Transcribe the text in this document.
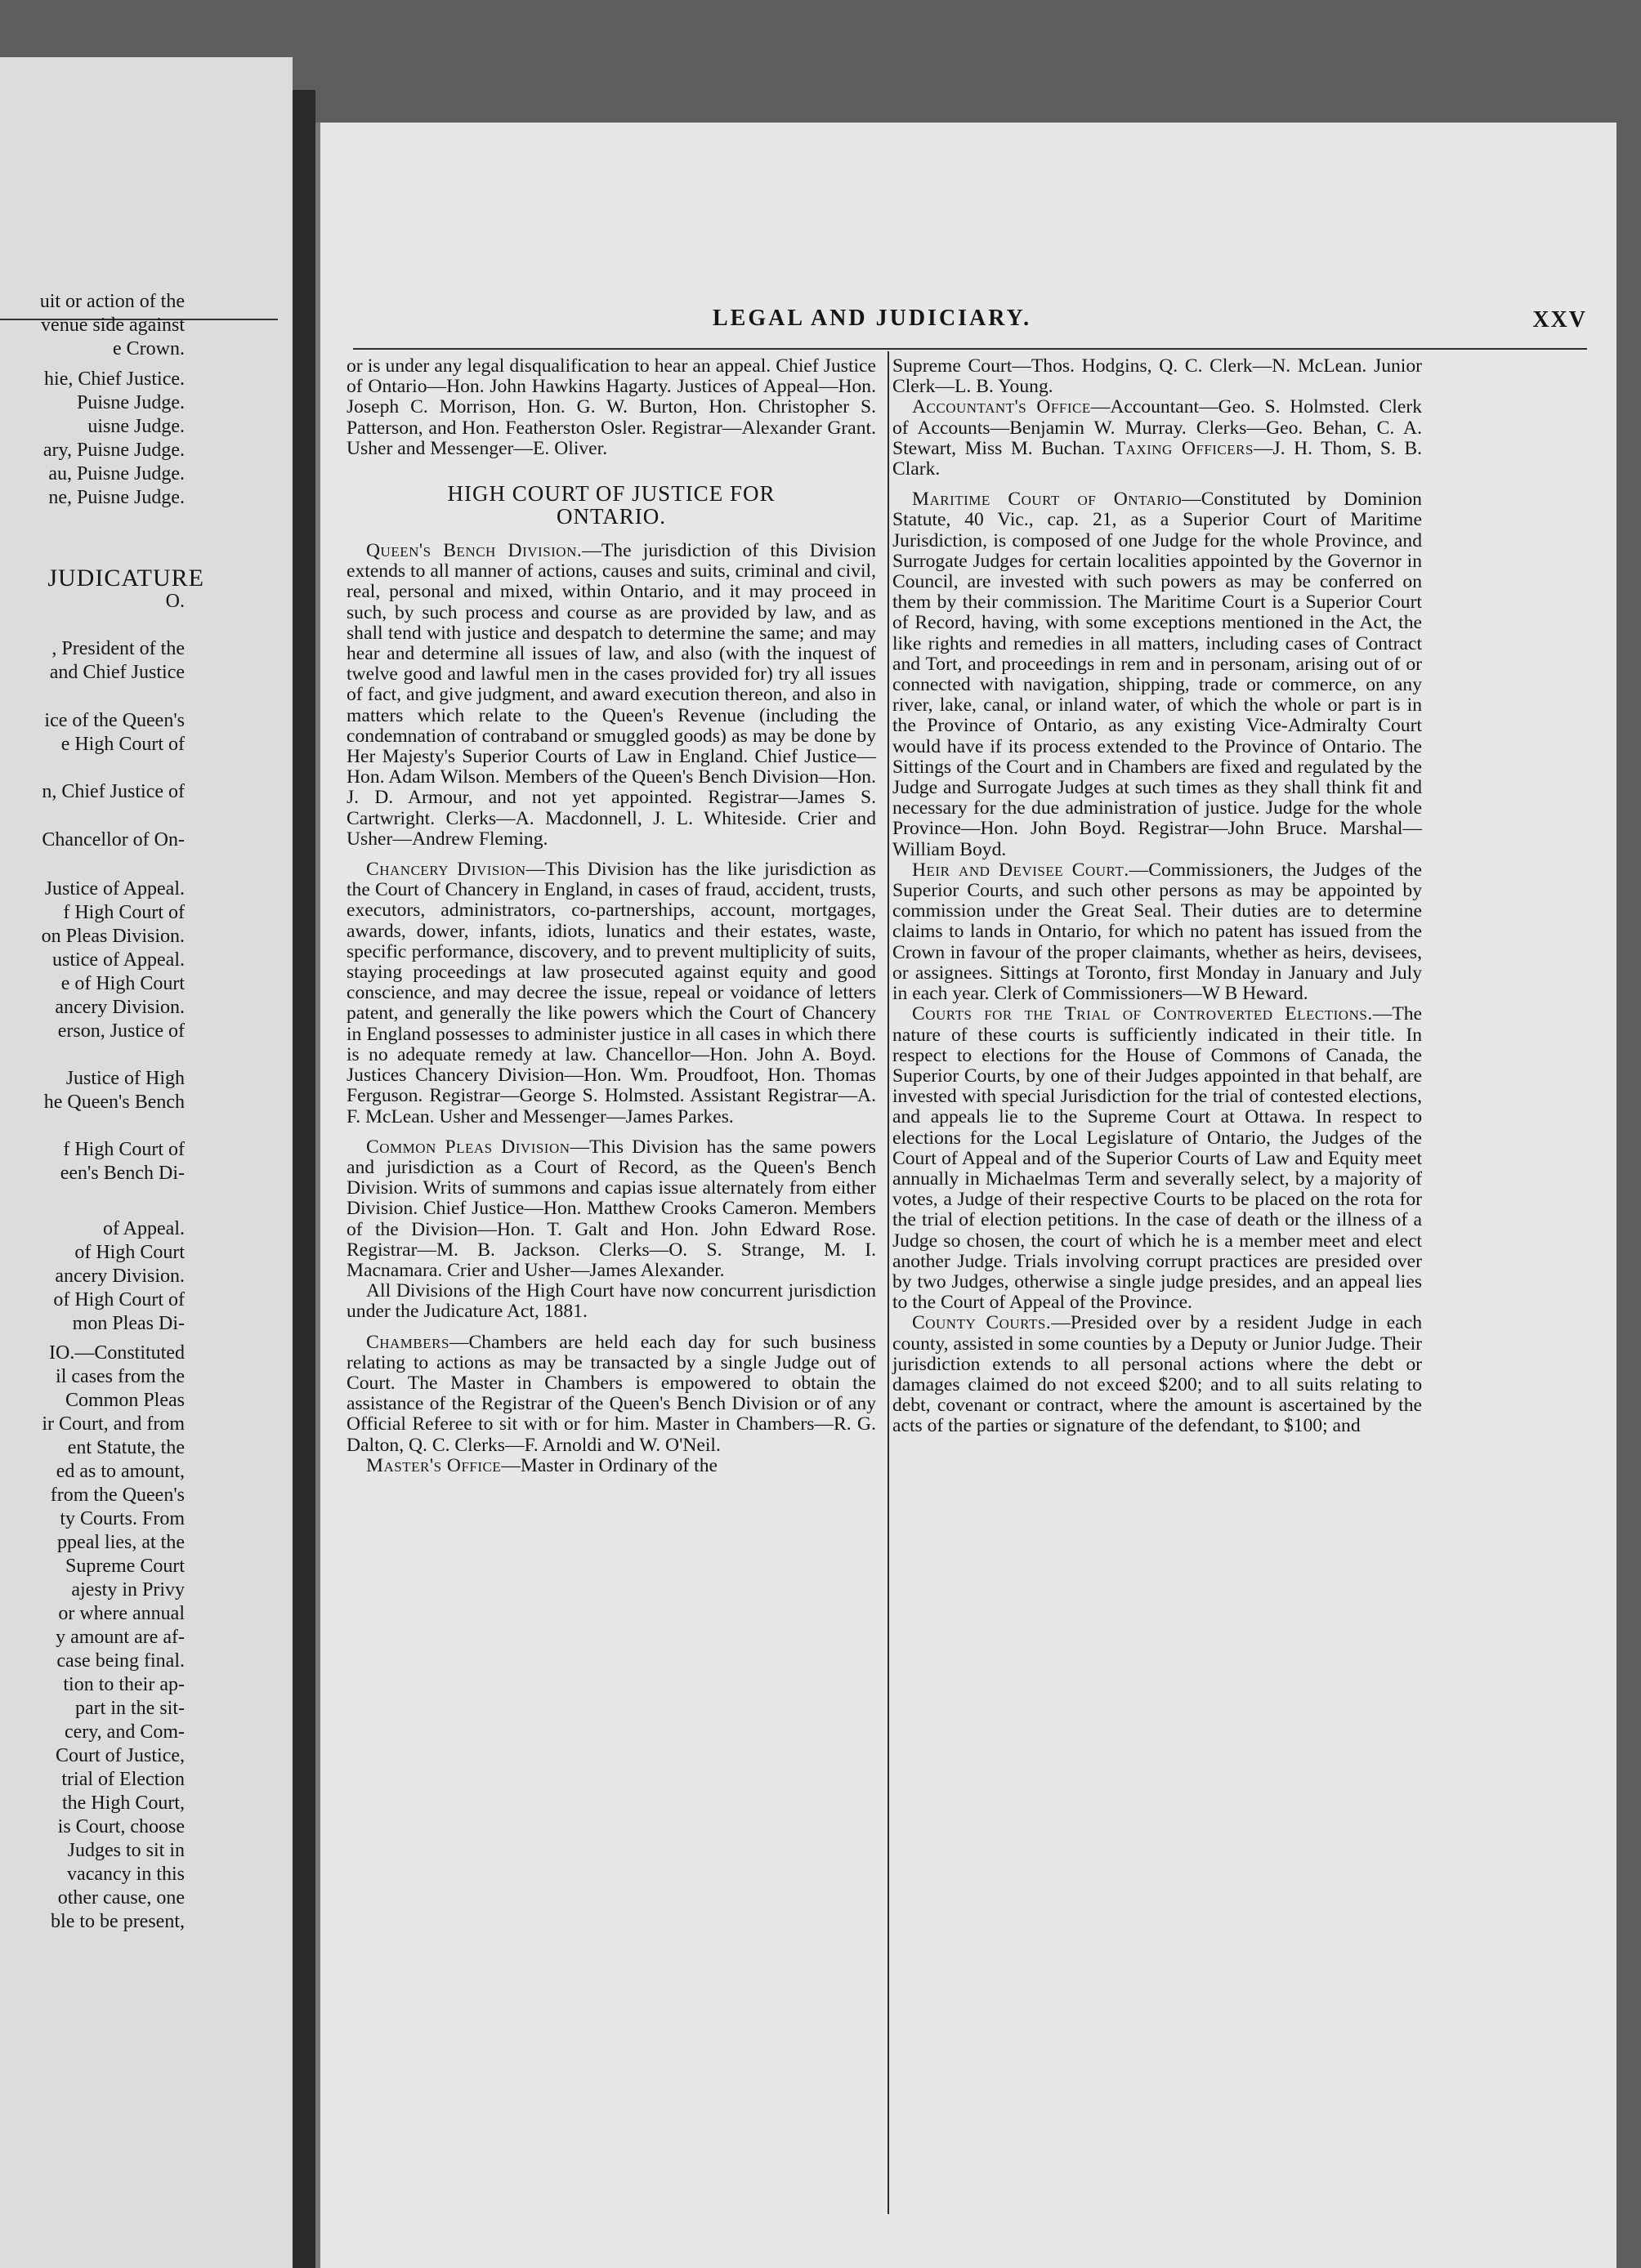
uit or action of the
venue side against
e Crown.
hie, Chief Justice.
Puisne Judge.
uisne Judge.
ary, Puisne Judge.
au, Puisne Judge.
ne, Puisne Judge.
JUDICATURE
O.
, President of the
and Chief Justice
ice of the Queen's
e High Court of
n, Chief Justice of
Chancellor of On-
Justice of Appeal.
f High Court of
on Pleas Division.
ustice of Appeal.
e of High Court
ancery Division.
erson, Justice of
Justice of High
he Queen's Bench
f High Court of
een's Bench Di-
of Appeal.
of High Court
ancery Division.
of High Court of
mon Pleas Di-
IO.—Constituted
il cases from the
Common Pleas
ir Court, and from
ent Statute, the
ed as to amount,
from the Queen's
ty Courts. From
ppeal lies, at the
Supreme Court
ajesty in Privy
or where annual
y amount are af-
case being final.
tion to their ap-
part in the sit-
cery, and Com-
Court of Justice,
trial of Election
the High Court,
is Court, choose
Judges to sit in
vacancy in this
other cause, one
ble to be present,
LEGAL AND JUDICIARY.	XXV

or is under any legal disqualification to hear an appeal. Chief Justice of Ontario—Hon. John Hawkins Hagarty. Justices of Appeal—Hon. Joseph C. Morrison, Hon. G. W. Burton, Hon. Christopher S. Patterson, and Hon. Featherston Osler. Registrar—Alexander Grant. Usher and Messenger—E. Oliver.

HIGH COURT OF JUSTICE FOR
ONTARIO.

Queen's Bench Division.—The jurisdiction of this Division extends to all manner of actions, causes and suits, criminal and civil, real, personal and mixed, within Ontario, and it may proceed in such, by such process and course as are provided by law, and as shall tend with justice and despatch to determine the same; and may hear and determine all issues of law, and also (with the inquest of twelve good and lawful men in the cases provided for) try all issues of fact, and give judgment, and award execution thereon, and also in matters which relate to the Queen's Revenue (including the condemnation of contraband or smuggled goods) as may be done by Her Majesty's Superior Courts of Law in England. Chief Justice—Hon. Adam Wilson. Members of the Queen's Bench Division—Hon. J. D. Armour, and not yet appointed. Registrar—James S. Cartwright. Clerks—A. Macdonnell, J. L. Whiteside. Crier and Usher—Andrew Fleming.

Chancery Division—This Division has the like jurisdiction as the Court of Chancery in England, in cases of fraud, accident, trusts, executors, administrators, co-partnerships, account, mortgages, awards, dower, infants, idiots, lunatics and their estates, waste, specific performance, discovery, and to prevent multiplicity of suits, staying proceedings at law prosecuted against equity and good conscience, and may decree the issue, repeal or voidance of letters patent, and generally the like powers which the Court of Chancery in England possesses to administer justice in all cases in which there is no adequate remedy at law. Chancellor—Hon. John A. Boyd. Justices Chancery Division—Hon. Wm. Proudfoot, Hon. Thomas Ferguson. Registrar—George S. Holmsted. Assistant Registrar—A. F. McLean. Usher and Messenger—James Parkes.

Common Pleas Division—This Division has the same powers and jurisdiction as a Court of Record, as the Queen's Bench Division. Writs of summons and capias issue alternately from either Division. Chief Justice—Hon. Matthew Crooks Cameron. Members of the Division—Hon. T. Galt and Hon. John Edward Rose. Registrar—M. B. Jackson. Clerks—O. S. Strange, M. I. Macnamara. Crier and Usher—James Alexander.

All Divisions of the High Court have now concurrent jurisdiction under the Judicature Act, 1881.

Chambers—Chambers are held each day for such business relating to actions as may be transacted by a single Judge out of Court. The Master in Chambers is empowered to obtain the assistance of the Registrar of the Queen's Bench Division or of any Official Referee to sit with or for him. Master in Chambers—R. G. Dalton, Q. C. Clerks—F. Arnoldi and W. O'Neil.

Master's Office—Master in Ordinary of the

Supreme Court—Thos. Hodgins, Q. C. Clerk—N. McLean. Junior Clerk—L. B. Young.

Accountant's Office—Accountant—Geo. S. Holmsted. Clerk of Accounts—Benjamin W. Murray. Clerks—Geo. Behan, C. A. Stewart, Miss M. Buchan. Taxing Officers—J. H. Thom, S. B. Clark.

Maritime Court of Ontario—Constituted by Dominion Statute, 40 Vic., cap. 21, as a Superior Court of Maritime Jurisdiction, is composed of one Judge for the whole Province, and Surrogate Judges for certain localities appointed by the Governor in Council, are invested with such powers as may be conferred on them by their commission. The Maritime Court is a Superior Court of Record, having, with some exceptions mentioned in the Act, the like rights and remedies in all matters, including cases of Contract and Tort, and proceedings in rem and in personam, arising out of or connected with navigation, shipping, trade or commerce, on any river, lake, canal, or inland water, of which the whole or part is in the Province of Ontario, as any existing Vice-Admiralty Court would have if its process extended to the Province of Ontario. The Sittings of the Court and in Chambers are fixed and regulated by the Judge and Surrogate Judges at such times as they shall think fit and necessary for the due administration of justice. Judge for the whole Province—Hon. John Boyd. Registrar—John Bruce. Marshal—William Boyd.

Heir and Devisee Court.—Commissioners, the Judges of the Superior Courts, and such other persons as may be appointed by commission under the Great Seal. Their duties are to determine claims to lands in Ontario, for which no patent has issued from the Crown in favour of the proper claimants, whether as heirs, devisees, or assignees. Sittings at Toronto, first Monday in January and July in each year. Clerk of Commissioners—W B Heward.

Courts for the Trial of Controverted Elections.—The nature of these courts is sufficiently indicated in their title. In respect to elections for the House of Commons of Canada, the Superior Courts, by one of their Judges appointed in that behalf, are invested with special Jurisdiction for the trial of contested elections, and appeals lie to the Supreme Court at Ottawa. In respect to elections for the Local Legislature of Ontario, the Judges of the Court of Appeal and of the Superior Courts of Law and Equity meet annually in Michaelmas Term and severally select, by a majority of votes, a Judge of their respective Courts to be placed on the rota for the trial of election petitions. In the case of death or the illness of a Judge so chosen, the court of which he is a member meet and elect another Judge. Trials involving corrupt practices are presided over by two Judges, otherwise a single judge presides, and an appeal lies to the Court of Appeal of the Province.

County Courts.—Presided over by a resident Judge in each county, assisted in some counties by a Deputy or Junior Judge. Their jurisdiction extends to all personal actions where the debt or damages claimed do not exceed $200; and to all suits relating to debt, covenant or contract, where the amount is ascertained by the acts of the parties or signature of the defendant, to $100; and
